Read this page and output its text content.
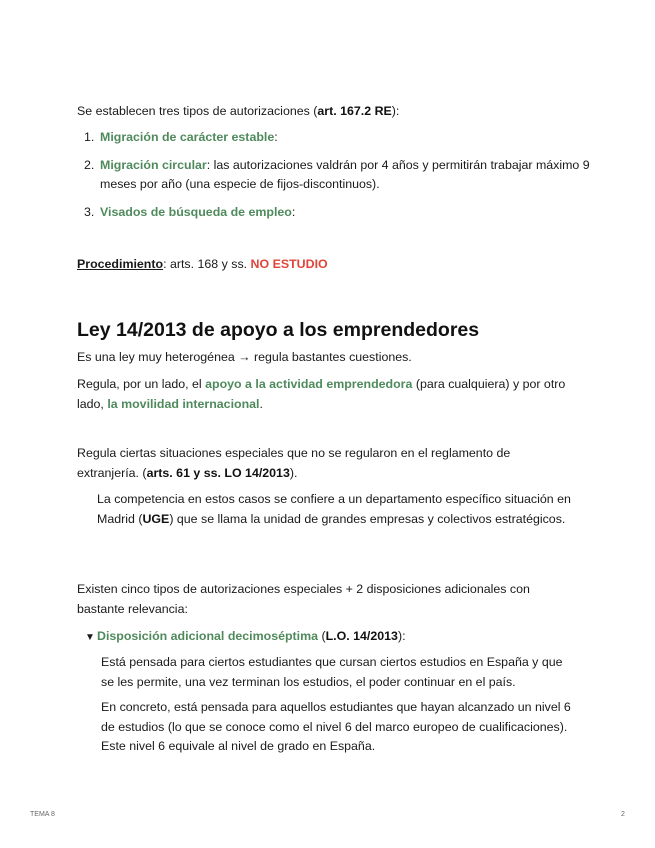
Se establecen tres tipos de autorizaciones (art. 167.2 RE):

1. Migración de carácter estable:
2. Migración circular: las autorizaciones valdrán por 4 años y permitirán trabajar máximo 9 meses por año (una especie de fijos-discontinuos).
3. Visados de búsqueda de empleo:

Procedimiento: arts. 168 y ss. NO ESTUDIO

Ley 14/2013 de apoyo a los emprendedores

Es una ley muy heterogénea → regula bastantes cuestiones.

Regula, por un lado, el apoyo a la actividad emprendedora (para cualquiera) y por otro lado, la movilidad internacional.

Regula ciertas situaciones especiales que no se regularon en el reglamento de extranjería. (arts. 61 y ss. LO 14/2013).

La competencia en estos casos se confiere a un departamento específico situación en Madrid (UGE) que se llama la unidad de grandes empresas y colectivos estratégicos.

Existen cinco tipos de autorizaciones especiales + 2 disposiciones adicionales con bastante relevancia:

▼ Disposición adicional decimoséptima (L.O. 14/2013):

Está pensada para ciertos estudiantes que cursan ciertos estudios en España y que se les permite, una vez terminan los estudios, el poder continuar en el país.

En concreto, está pensada para aquellos estudiantes que hayan alcanzado un nivel 6 de estudios (lo que se conoce como el nivel 6 del marco europeo de cualificaciones). Este nivel 6 equivale al nivel de grado en España.

TEMA 8	2
